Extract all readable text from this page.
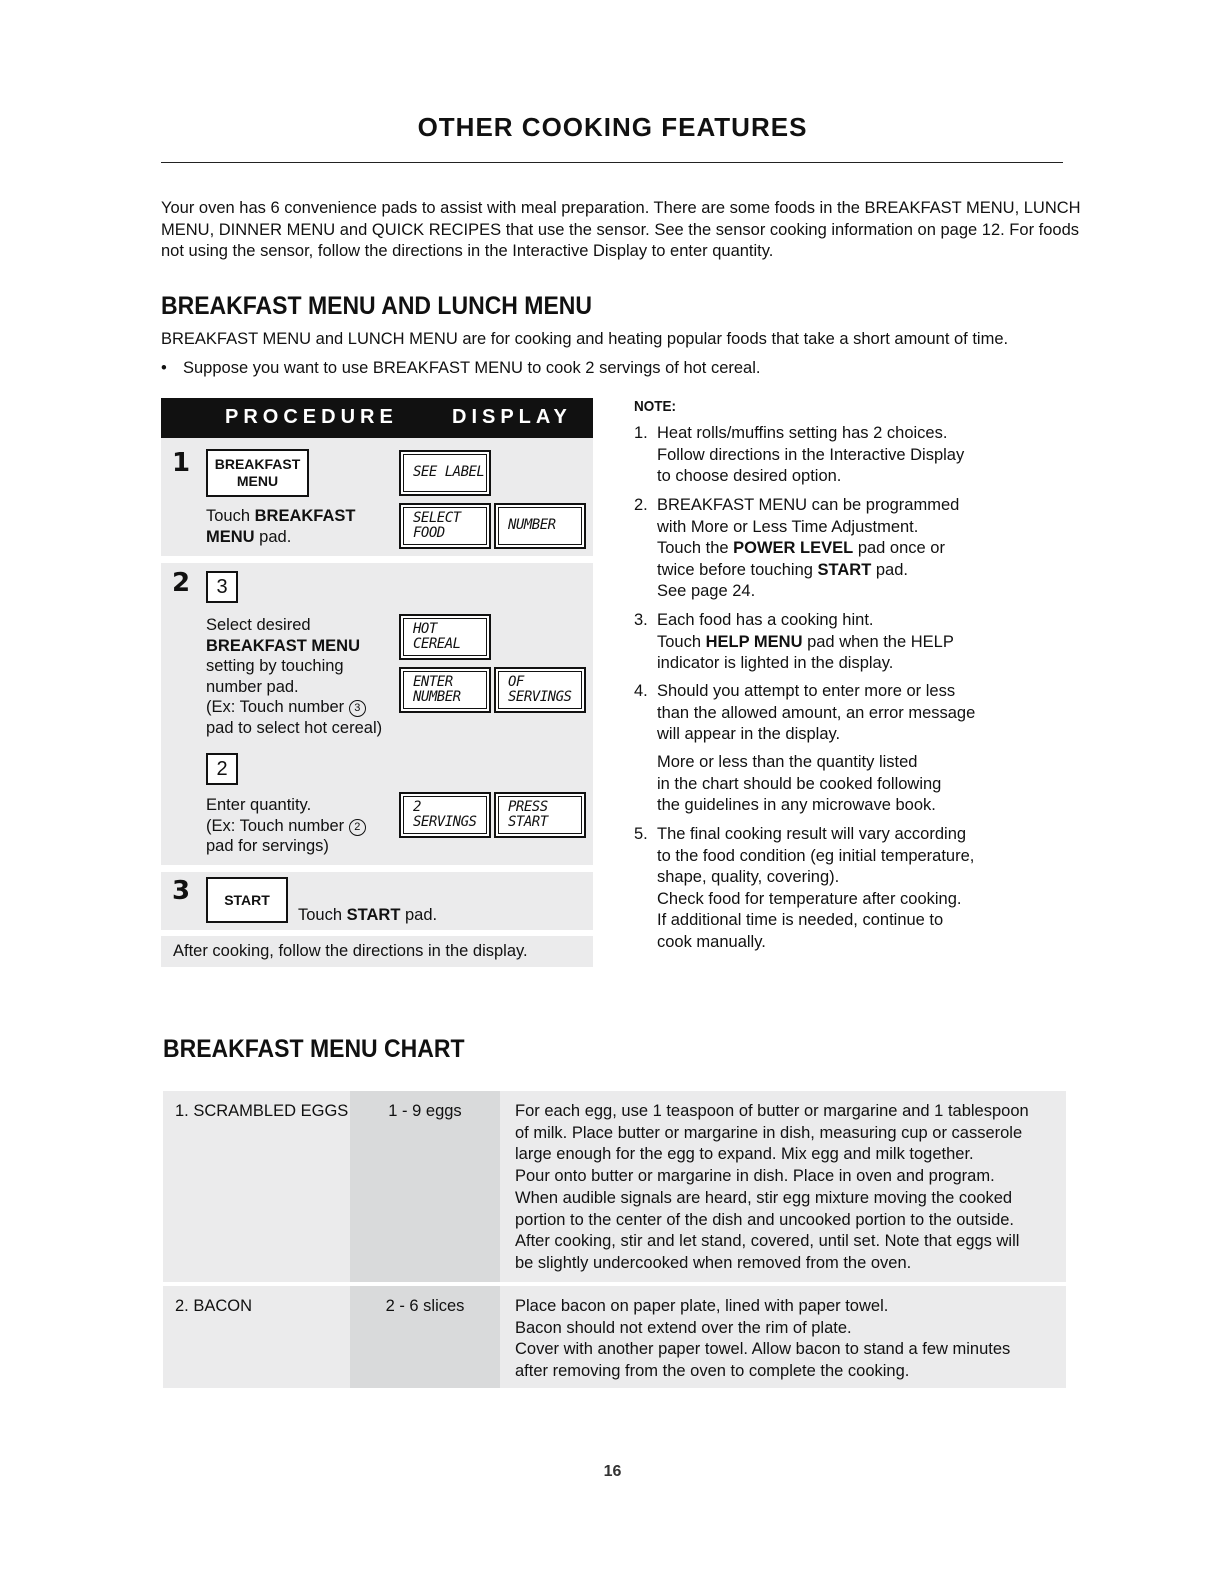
OTHER COOKING FEATURES
Your oven has 6 convenience pads to assist with meal preparation. There are some foods in the BREAKFAST MENU, LUNCH MENU, DINNER MENU and QUICK RECIPES that use the sensor. See the sensor cooking information on page 12. For foods not using the sensor, follow the directions in the Interactive Display to enter quantity.
BREAKFAST MENU AND LUNCH MENU
BREAKFAST MENU and LUNCH MENU are for cooking and heating popular foods that take a short amount of time.
• Suppose you want to use BREAKFAST MENU to cook 2 servings of hot cereal.
PROCEDURE	DISPLAY
1	BREAKFAST
MENU
Touch BREAKFAST MENU pad.
SEE LABEL
SELECT
FOOD	NUMBER
2	3
Select desired
BREAKFAST MENU
setting by touching
number pad.
(Ex: Touch number 3
pad to select hot cereal)
HOT
CEREAL
ENTER
NUMBER
OF
SERVINGS
2
Enter quantity.
(Ex: Touch number 2
pad for servings)
2
SERVINGS
PRESS
START
3	START
Touch START pad.
After cooking, follow the directions in the display.
NOTE:
1. Heat rolls/muffins setting has 2 choices.
Follow directions in the Interactive Display
to choose desired option.
2. BREAKFAST MENU can be programmed
with More or Less Time Adjustment.
Touch the POWER LEVEL pad once or
twice before touching START pad.
See page 24.
3. Each food has a cooking hint.
Touch HELP MENU pad when the HELP
indicator is lighted in the display.
4. Should you attempt to enter more or less
than the allowed amount, an error message
will appear in the display.
More or less than the quantity listed
in the chart should be cooked following
the guidelines in any microwave book.
5. The final cooking result will vary according
to the food condition (eg initial temperature,
shape, quality, covering).
Check food for temperature after cooking.
If additional time is needed, continue to
cook manually.
BREAKFAST MENU CHART
1. SCRAMBLED EGGS	1 - 9 eggs	For each egg, use 1 teaspoon of butter or margarine and 1 tablespoon
of milk. Place butter or margarine in dish, measuring cup or casserole
large enough for the egg to expand. Mix egg and milk together.
Pour onto butter or margarine in dish. Place in oven and program.
When audible signals are heard, stir egg mixture moving the cooked
portion to the center of the dish and uncooked portion to the outside.
After cooking, stir and let stand, covered, until set. Note that eggs will
be slightly undercooked when removed from the oven.
2. BACON	2 - 6 slices	Place bacon on paper plate, lined with paper towel.
Bacon should not extend over the rim of plate.
Cover with another paper towel. Allow bacon to stand a few minutes
after removing from the oven to complete the cooking.
16
